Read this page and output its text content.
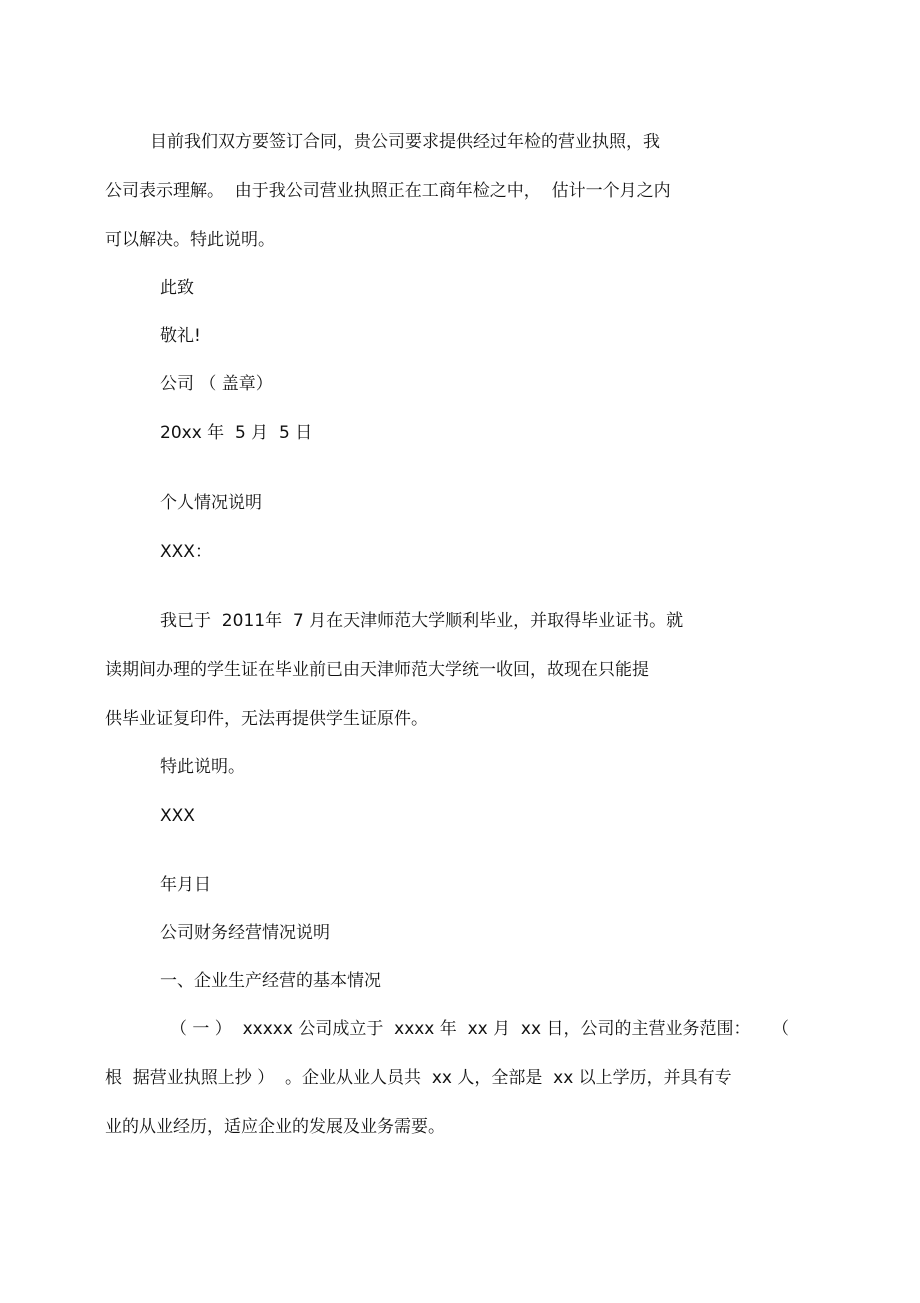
目前我们双方要签订合同，贵公司要求提供经过年检的营业执照，我

公司表示理解。  由于我公司营业执照正在工商年检之中，  估计一个月之内

可以解决。特此说明。

此致

敬礼!

公司 （ 盖章）

20xx 年  5 月  5 日

个人情况说明

XXX：

我已于  2011年  7 月在天津师范大学顺利毕业，并取得毕业证书。就

读期间办理的学生证在毕业前已由天津师范大学统一收回，故现在只能提

供毕业证复印件，无法再提供学生证原件。

特此说明。

XXX

年月日

公司财务经营情况说明

一、企业生产经营的基本情况

（ 一 ）  xxxxx 公司成立于  xxxx 年  xx 月  xx 日，公司的主营业务范围：    （

根  据营业执照上抄 ）  。企业从业人员共  xx 人，全部是  xx 以上学历，并具有专

业的从业经历，适应企业的发展及业务需要。
